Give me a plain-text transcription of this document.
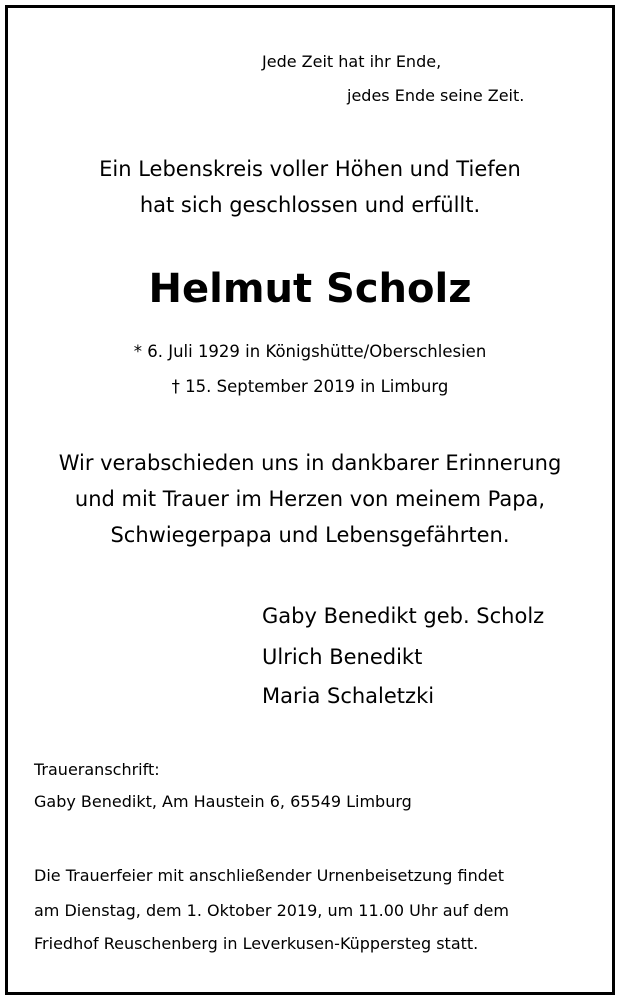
Jede Zeit hat ihr Ende,
jedes Ende seine Zeit.
Ein Lebenskreis voller Höhen und Tiefen
hat sich geschlossen und erfüllt.
Helmut Scholz
* 6. Juli 1929 in Königshütte/Oberschlesien
† 15. September 2019 in Limburg
Wir verabschieden uns in dankbarer Erinnerung
und mit Trauer im Herzen von meinem Papa,
Schwiegerpapa und Lebensgefährten.
Gaby Benedikt geb. Scholz
Ulrich Benedikt
Maria Schaletzki
Traueranschrift:
Gaby Benedikt, Am Haustein 6, 65549 Limburg
Die Trauerfeier mit anschließender Urnenbeisetzung findet
am Dienstag, dem 1. Oktober 2019, um 11.00 Uhr auf dem
Friedhof Reuschenberg in Leverkusen-Küppersteg statt.
